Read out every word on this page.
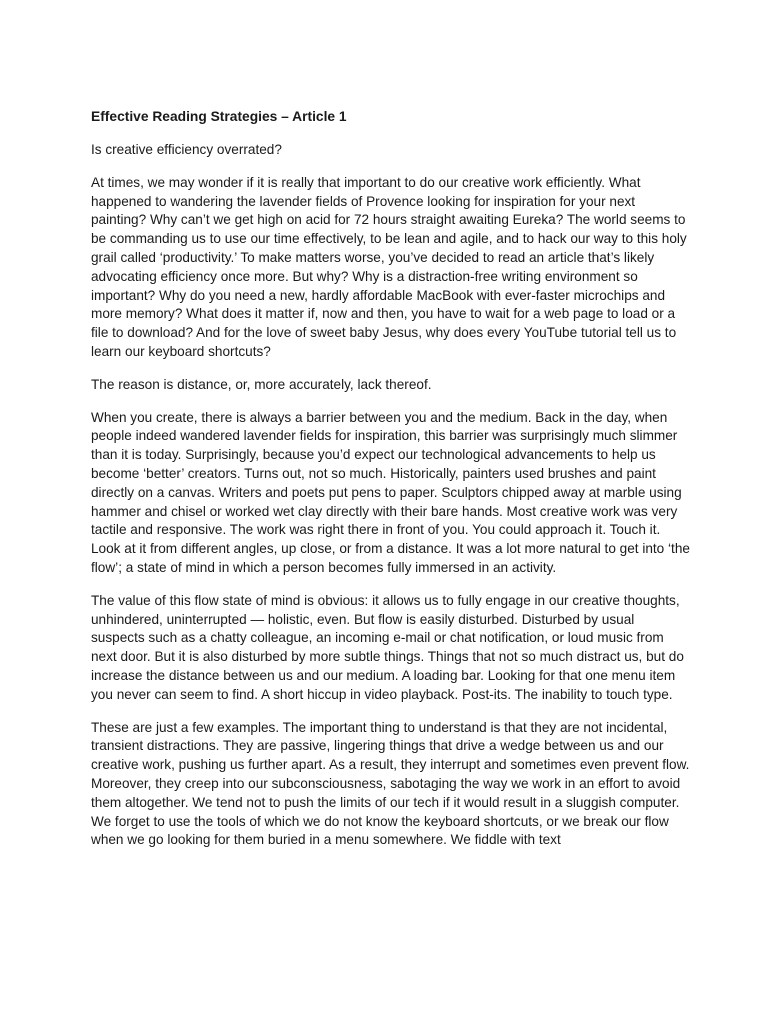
Effective Reading Strategies – Article 1
Is creative efficiency overrated?
At times, we may wonder if it is really that important to do our creative work efficiently. What happened to wandering the lavender fields of Provence looking for inspiration for your next painting? Why can’t we get high on acid for 72 hours straight awaiting Eureka? The world seems to be commanding us to use our time effectively, to be lean and agile, and to hack our way to this holy grail called ‘productivity.’ To make matters worse, you’ve decided to read an article that’s likely advocating efficiency once more. But why? Why is a distraction-free writing environment so important? Why do you need a new, hardly affordable MacBook with ever-faster microchips and more memory? What does it matter if, now and then, you have to wait for a web page to load or a file to download? And for the love of sweet baby Jesus, why does every YouTube tutorial tell us to learn our keyboard shortcuts?
The reason is distance, or, more accurately, lack thereof.
When you create, there is always a barrier between you and the medium. Back in the day, when people indeed wandered lavender fields for inspiration, this barrier was surprisingly much slimmer than it is today. Surprisingly, because you’d expect our technological advancements to help us become ‘better’ creators. Turns out, not so much. Historically, painters used brushes and paint directly on a canvas. Writers and poets put pens to paper. Sculptors chipped away at marble using hammer and chisel or worked wet clay directly with their bare hands. Most creative work was very tactile and responsive. The work was right there in front of you. You could approach it. Touch it. Look at it from different angles, up close, or from a distance. It was a lot more natural to get into ‘the flow’; a state of mind in which a person becomes fully immersed in an activity.
The value of this flow state of mind is obvious: it allows us to fully engage in our creative thoughts, unhindered, uninterrupted — holistic, even. But flow is easily disturbed. Disturbed by usual suspects such as a chatty colleague, an incoming e-mail or chat notification, or loud music from next door. But it is also disturbed by more subtle things. Things that not so much distract us, but do increase the distance between us and our medium. A loading bar. Looking for that one menu item you never can seem to find. A short hiccup in video playback. Post-its. The inability to touch type.
These are just a few examples. The important thing to understand is that they are not incidental, transient distractions. They are passive, lingering things that drive a wedge between us and our creative work, pushing us further apart. As a result, they interrupt and sometimes even prevent flow. Moreover, they creep into our subconsciousness, sabotaging the way we work in an effort to avoid them altogether. We tend not to push the limits of our tech if it would result in a sluggish computer. We forget to use the tools of which we do not know the keyboard shortcuts, or we break our flow when we go looking for them buried in a menu somewhere. We fiddle with text
